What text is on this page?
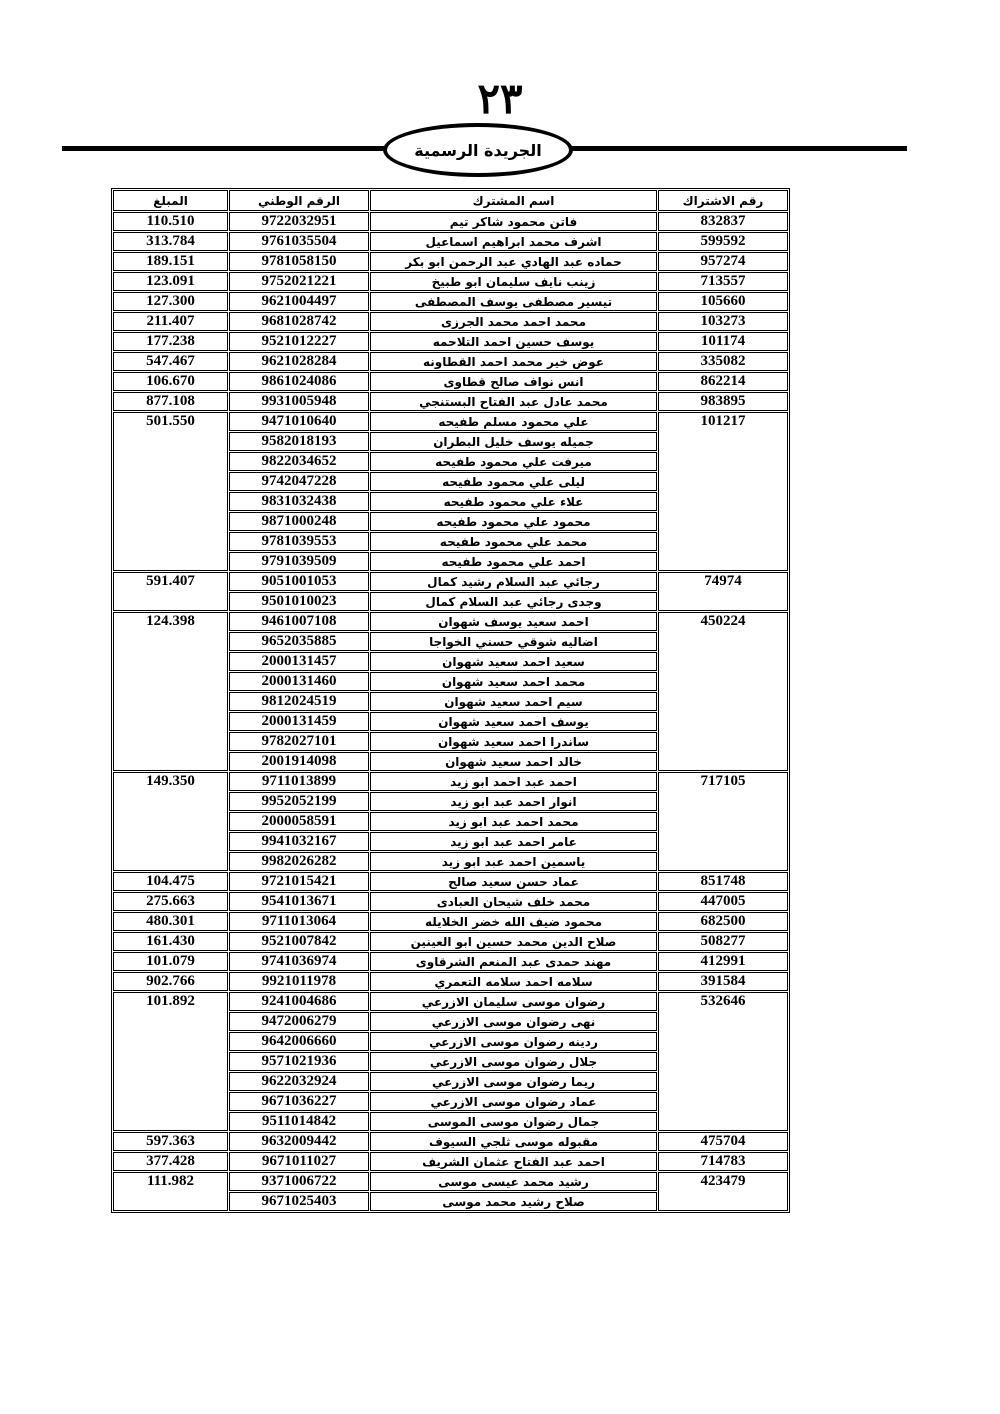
٢٣
الجريدة الرسمية
المبلغ	الرقم الوطني	اسم المشترك	رقم الاشتراك
110.510	9722032951	فاتن محمود شاكر تيم	832837
313.784	9761035504	اشرف محمد ابراهيم اسماعيل	599592
189.151	9781058150	حماده عبد الهادي عبد الرحمن ابو بكر	957274
123.091	9752021221	زينب نايف سليمان ابو طبيخ	713557
127.300	9621004497	تيسير مصطفى يوسف المصطفى	105660
211.407	9681028742	محمد احمد محمد الجرزى	103273
177.238	9521012227	يوسف حسين احمد التلاحمه	101174
547.467	9621028284	عوض خير محمد احمد القطاونه	335082
106.670	9861024086	انس نواف صالح قطاوى	862214
877.108	9931005948	محمد عادل عبد الفتاح البستنجي	983895
501.550	9471010640	علي محمود مسلم طفيحه	101217
	9582018193	جميله يوسف خليل البطران	
	9822034652	ميرفت علي محمود طفيحه	
	9742047228	ليلى علي محمود طفيحه	
	9831032438	علاء علي محمود طفيحه	
	9871000248	محمود علي محمود طفيحه	
	9781039553	محمد علي محمود طفيحه	
	9791039509	احمد علي محمود طفيحه	
591.407	9051001053	رجائي عبد السلام رشيد كمال	74974
	9501010023	وجدى رجائي عبد السلام كمال	
124.398	9461007108	احمد سعيد يوسف شهوان	450224
	9652035885	اضاليه شوقي حسني الخواجا	
	2000131457	سعيد احمد سعيد شهوان	
	2000131460	محمد احمد سعيد شهوان	
	9812024519	سيم احمد سعيد شهوان	
	2000131459	يوسف احمد سعيد شهوان	
	9782027101	ساندرا احمد سعيد شهوان	
	2001914098	خالد احمد سعيد شهوان	
149.350	9711013899	احمد عبد احمد ابو زيد	717105
	9952052199	انوار احمد عبد ابو زيد	
	2000058591	محمد احمد عبد ابو زيد	
	9941032167	عامر احمد عبد ابو زيد	
	9982026282	ياسمين احمد عبد ابو زيد	
104.475	9721015421	عماد حسن سعيد صالح	851748
275.663	9541013671	محمد خلف شيحان العبادى	447005
480.301	9711013064	محمود ضيف الله خضر الخلايله	682500
161.430	9521007842	صلاح الدين محمد حسين ابو العينين	508277
101.079	9741036974	مهند حمدى عبد المنعم الشرقاوى	412991
902.766	9921011978	سلامه احمد سلامه التعمري	391584
101.892	9241004686	رضوان موسى سليمان الازرعي	532646
	9472006279	نهى رضوان موسى الازرعي	
	9642006660	ردينه رضوان موسى الازرعي	
	9571021936	جلال رضوان موسى الازرعي	
	9622032924	ريما رضوان موسى الازرعي	
	9671036227	عماد رضوان موسى الازرعي	
	9511014842	جمال رضوان موسى الموسى	
597.363	9632009442	مقبوله موسى ثلجي السيوف	475704
377.428	9671011027	احمد عبد الفتاح عثمان الشريف	714783
111.982	9371006722	رشيد محمد عيسى موسى	423479
	9671025403	صلاح رشيد محمد موسى	
